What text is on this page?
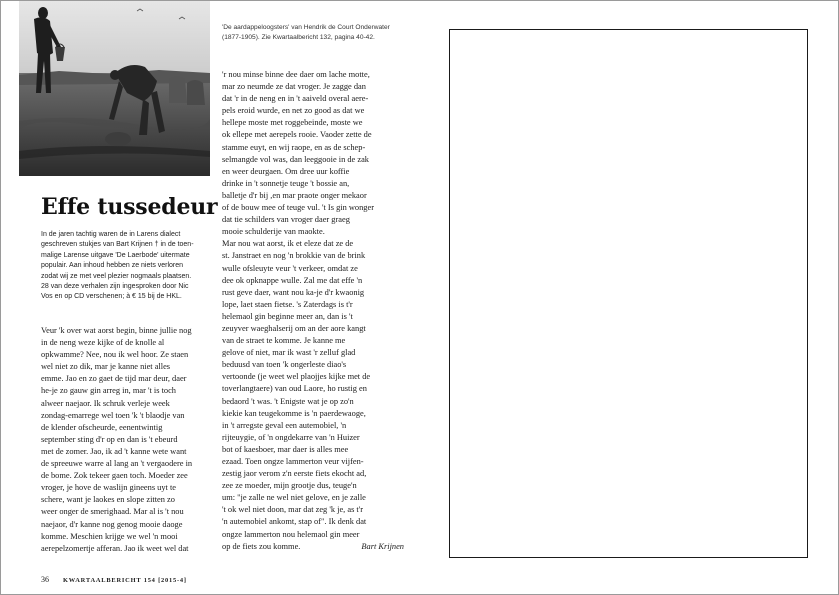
'De aardappeloogsters' van Hendrik de Court Onderwater

(1877-1905). Zie Kwartaalbericht 132, pagina 40-42.

Effe tussedeur
In de jaren tachtig waren de in Larens dialect
geschreven stukjes van Bart Krijnen † in de toen-
malige Larense uitgave 'De Laerbode' uitermate
populair. Aan inhoud hebben ze niets verloren
zodat wij ze met veel plezier nogmaals plaatsen.
28 van deze verhalen zijn ingesproken door Nic
Vos en op CD verschenen; à € 15 bij de HKL.
Veur 'k over wat aorst begin, binne jullie nog
in de neng weze kijke of de knolle al
opkwamme? Nee, nou ik wel hoor. Ze staen
wel niet zo dik, mar je kanne niet alles
emme. Jao en zo gaet de tijd mar deur, daer
he-je zo gauw gin arreg in, mar 't is toch
alweer naejaor. Ik schruk verleje week
zondag-emarrege wel toen 'k 't blaodje van
de klender ofscheurde, eenentwintig
september sting d'r op en dan is 't ebeurd
met de zomer. Jao, ik ad 't kanne wete want
de spreeuwe warre al lang an 't vergaodere in
de bome. Zok tekeer gaen toch. Moeder zee
vroger, je hove de waslijn gineens uyt te
schere, want je laokes en slope zitten zo
weer onger de smerighaad. Mar al is 't nou
naejaor, d'r kanne nog genog mooie daoge
komme. Meschien krijge we wel 'n mooi
aerepelzomertje afferan. Jao ik weet wel dat
'r nou minse binne dee daer om lache motte,
mar zo neumde ze dat vroger. Je zagge dan
dat 'r in de neng en in 't aaiveld overal aere-
pels eroid wurde, en net zo good as dat we
hellepe moste met roggebeinde, moste we
ok ellepe met aerepels rooie. Vaoder zette de
stamme euyt, en wij raope, en as de schep-
selmangde vol was, dan leeggooie in de zak
en weer deurgaen. Om dree uur koffie
drinke in 't sonnetje teuge 't bossie an,
balletje d'r bij ,en mar praote onger mekaor
of de bouw mee of teuge vul. 't Is gin wonger
dat tie schilders van vroger daer graeg
mooie schulderije van maokte.
Mar nou wat aorst, ik et eleze dat ze de
st. Janstraet en nog 'n brokkie van de brink
wulle ofsleuyte veur 't verkeer, omdat ze
dee ok opknappe wulle. Zal me dat effe 'n
rust geve daer, want nou ka-je d'r kwaonig
lope, laet staen fietse. 's Zaterdags is t'r
helemaol gin beginne meer an, dan is 't
zeuyver waeghalserij om an der aore kangt
van de straet te komme. Je kanne me
gelove of niet, mar ik wast 'r zelluf glad
beduusd van toen 'k ongerleste diao's
vertoonde (je weet wel plaojjes kijke met de
toverlangtaere) van oud Laore, ho rustig en
bedaord 't was. 't Enigste wat je op zo'n
kiekie kan teugekomme is 'n paerdewaoge,
in 't arregste geval een autemobiel, 'n
rijteuygie, of 'n ongdekarre van 'n Huizer
bot of kaesboer, mar daer is alles mee
ezaad. Toen ongze lammerton veur vijfen-
zestig jaor verom z'n eerste fiets ekocht ad,
zee ze moeder, mijn grootje dus, teuge'n
um: "je zalle ne wel niet gelove, en je zalle
't ok wel niet doon, mar dat zeg 'k je, as t'r
'n autemobiel ankomt, stap of". Ik denk dat
ongze lammerton nou helemaol gin meer
op de fiets zou komme.	Bart Krijnen
36 KWARTAALBERICHT 154 [2015-4]
